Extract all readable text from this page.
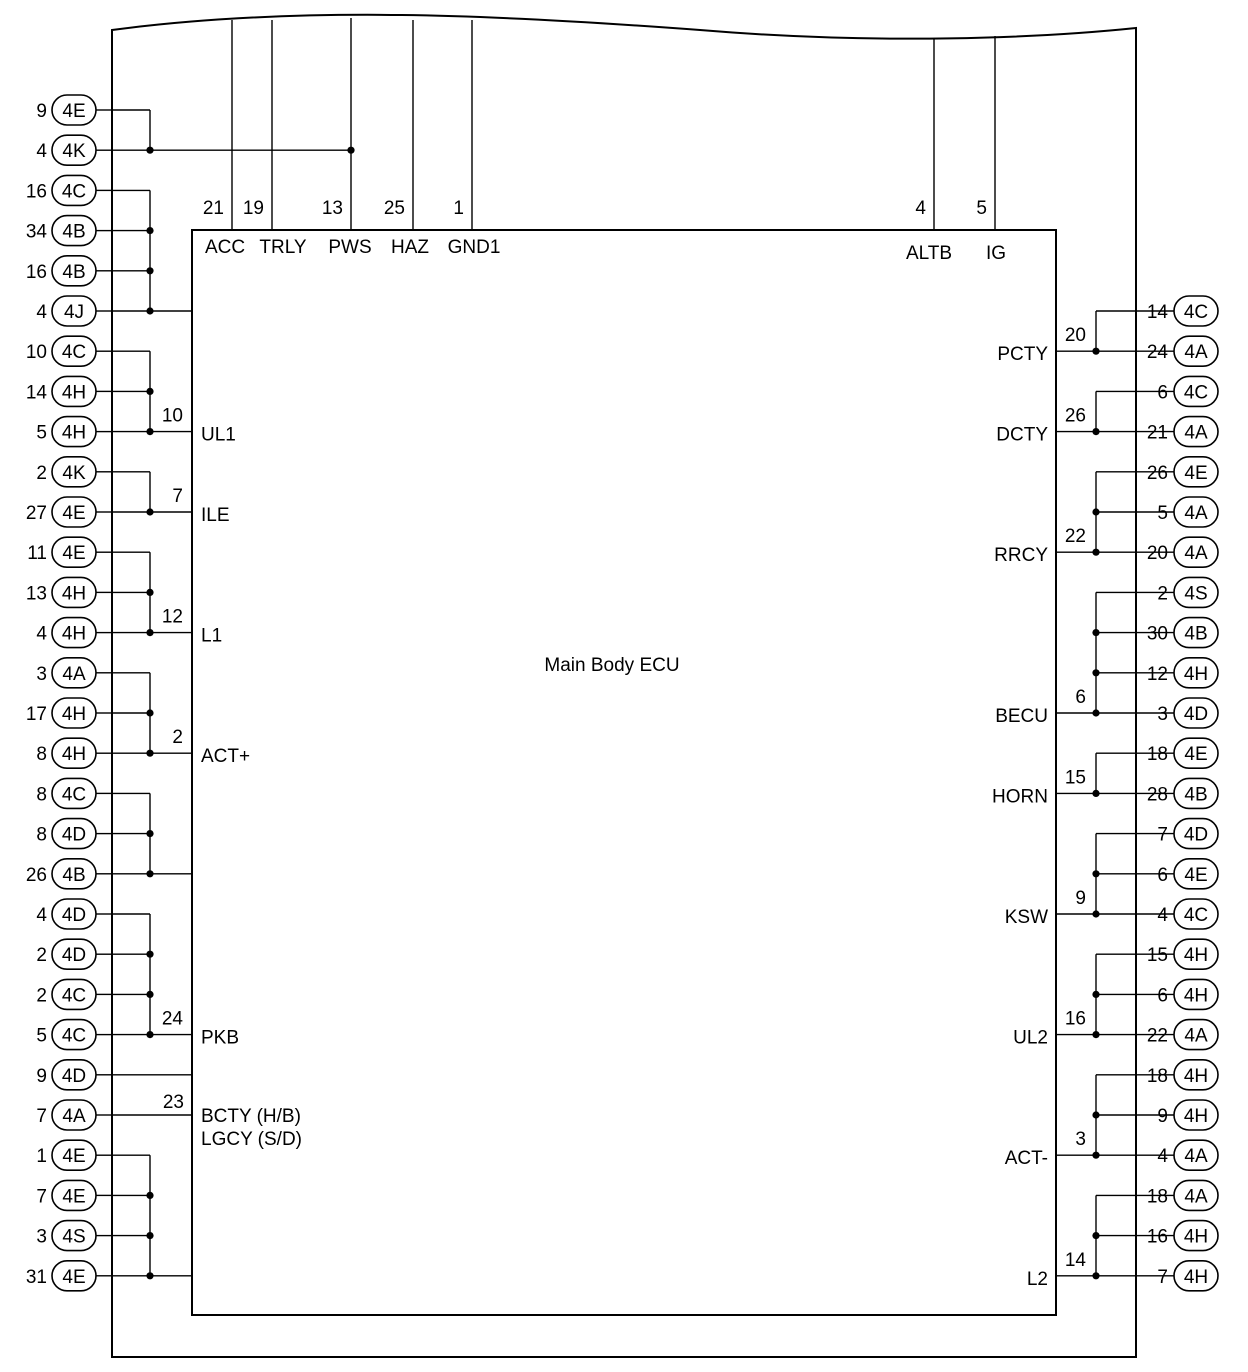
Main Body ECU
21
ACC
19
TRLY
13
PWS
25
HAZ
1
GND1
4
ALTB
5
IG
9 4E
4 4K
16 4C
34 4B
16 4B
4 4J
10 4C
14 4H
5 4H
2 4K
27 4E
11 4E
13 4H
4 4H
3 4A
17 4H
8 4H
8 4C
8 4D
26 4B
4 4D
2 4D
2 4C
5 4C
9 4D
7 4A
1 4E
7 4E
3 4S
31 4E
10
UL1
7
ILE
12
L1
2
ACT+
24
PKB
23
BCTY (H/B)
LGCY (S/D)
14 4C
24 4A
6 4C
21 4A
26 4E
5 4A
20 4A
2 4S
30 4B
12 4H
3 4D
18 4E
28 4B
7 4D
6 4E
4 4C
15 4H
6 4H
22 4A
18 4H
9 4H
4 4A
18 4A
16 4H
7 4H
20
PCTY
26
DCTY
22
RRCY
6
BECU
15
HORN
9
KSW
16
UL2
3
ACT-
14
L2
